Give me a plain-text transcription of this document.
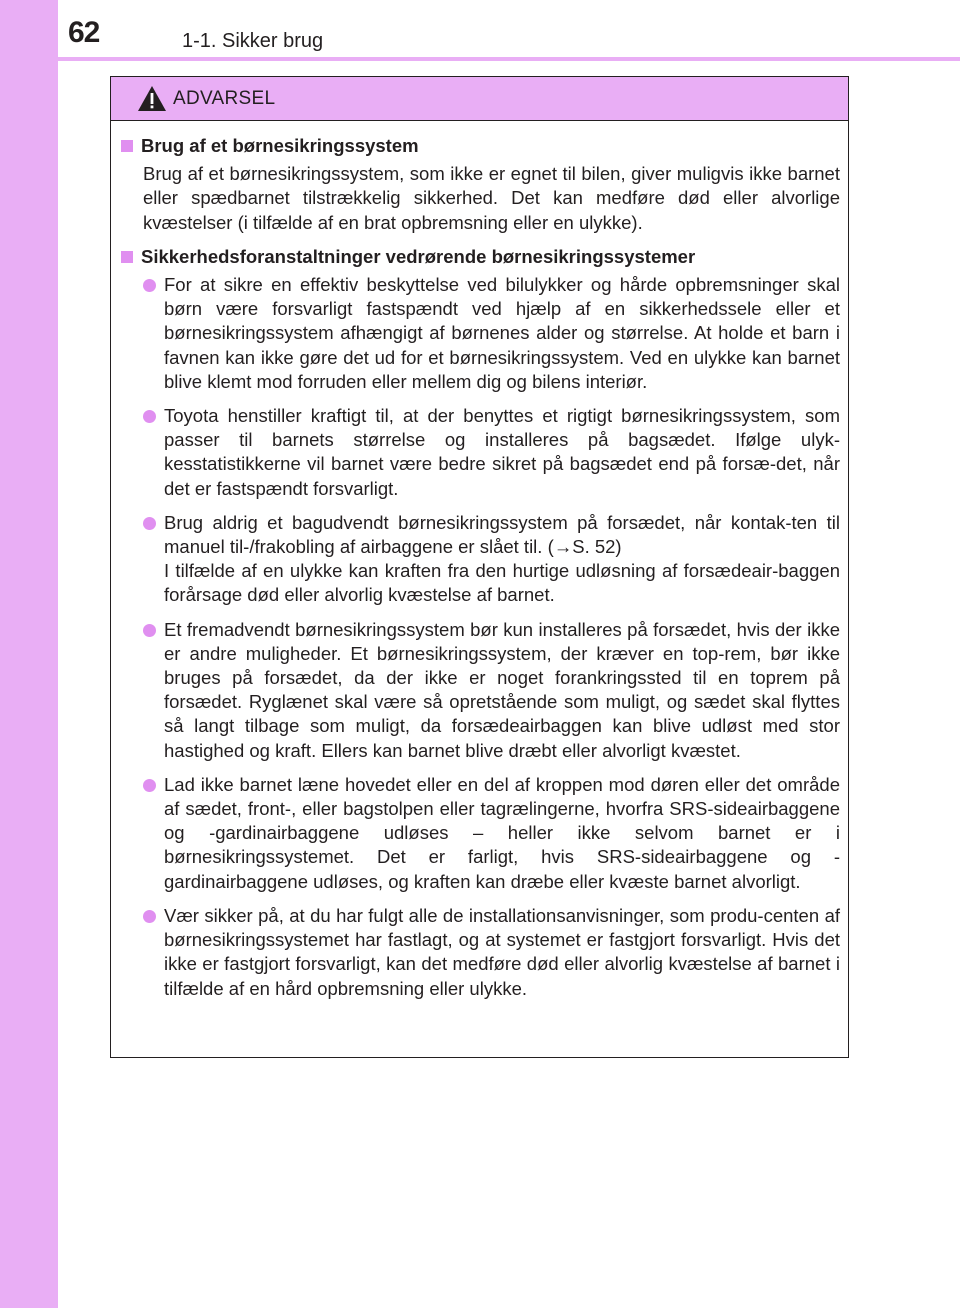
62	1-1. Sikker brug
ADVARSEL
Brug af et børnesikringssystem

Brug af et børnesikringssystem, som ikke er egnet til bilen, giver muligvis ikke barnet eller spædbarnet tilstrækkelig sikkerhed. Det kan medføre død eller alvorlige kvæstelser (i tilfælde af en brat opbremsning eller en ulykke).

Sikkerhedsforanstaltninger vedrørende børnesikringssystemer
For at sikre en effektiv beskyttelse ved bilulykker og hårde opbremsninger skal børn være forsvarligt fastspændt ved hjælp af en sikkerhedssele eller et børnesikringssystem afhængigt af børnenes alder og størrelse. At holde et barn i favnen kan ikke gøre det ud for et børnesikringssystem. Ved en ulykke kan barnet blive klemt mod forruden eller mellem dig og bilens interiør.
Toyota henstiller kraftigt til, at der benyttes et rigtigt børnesikringssystem, som passer til barnets størrelse og installeres på bagsædet. Ifølge ulyk-kesstatistikkerne vil barnet være bedre sikret på bagsædet end på forsæ-det, når det er fastspændt forsvarligt.
Brug aldrig et bagudvendt børnesikringssystem på forsædet, når kontak-ten til manuel til-/frakobling af airbaggene er slået til. (→S. 52)
I tilfælde af en ulykke kan kraften fra den hurtige udløsning af forsædeair-baggen forårsage død eller alvorlig kvæstelse af barnet.
Et fremadvendt børnesikringssystem bør kun installeres på forsædet, hvis der ikke er andre muligheder. Et børnesikringssystem, der kræver en top-rem, bør ikke bruges på forsædet, da der ikke er noget forankringssted til en toprem på forsædet. Ryglænet skal være så opretstående som muligt, og sædet skal flyttes så langt tilbage som muligt, da forsædeairbaggen kan blive udløst med stor hastighed og kraft. Ellers kan barnet blive dræbt eller alvorligt kvæstet.
Lad ikke barnet læne hovedet eller en del af kroppen mod døren eller det område af sædet, front-, eller bagstolpen eller tagrælingerne, hvorfra SRS-sideairbaggene og -gardinairbaggene udløses – heller ikke selvom barnet er i børnesikringssystemet. Det er farligt, hvis SRS-sideairbaggene og -gardinairbaggene udløses, og kraften kan dræbe eller kvæste barnet alvorligt.
Vær sikker på, at du har fulgt alle de installationsanvisninger, som produ-centen af børnesikringssystemet har fastlagt, og at systemet er fastgjort forsvarligt. Hvis det ikke er fastgjort forsvarligt, kan det medføre død eller alvorlig kvæstelse af barnet i tilfælde af en hård opbremsning eller ulykke.
